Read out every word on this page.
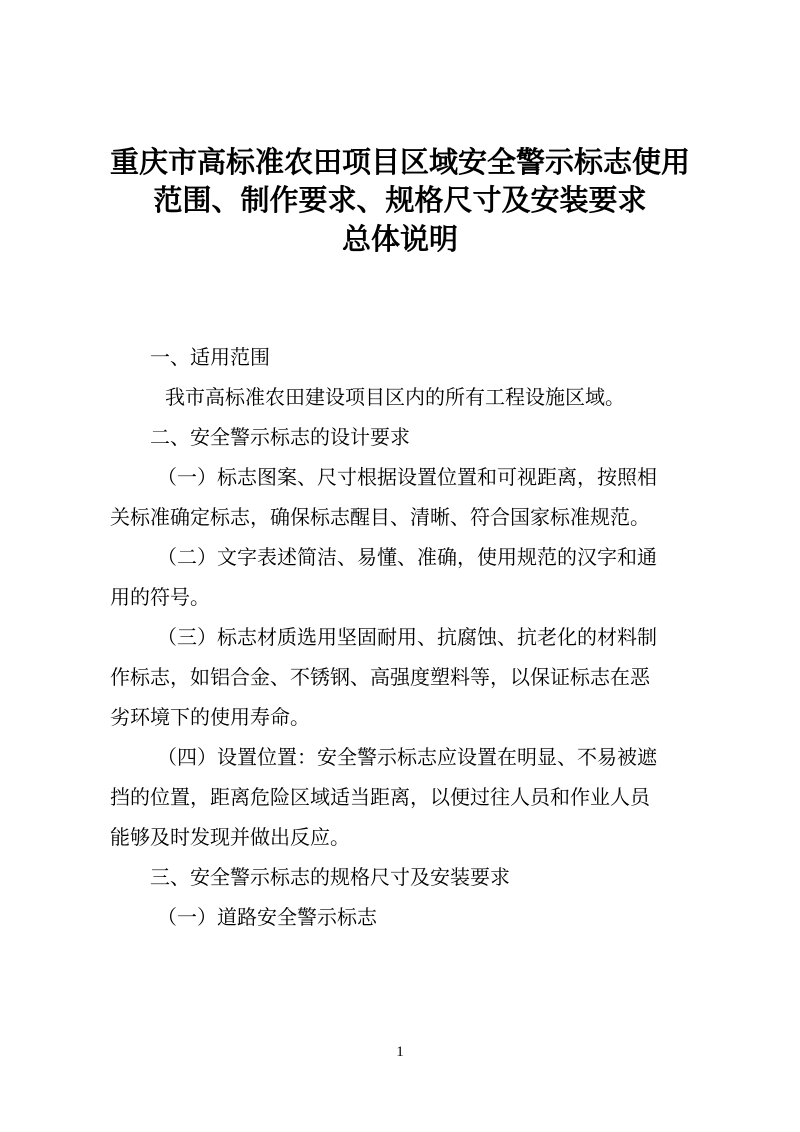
重庆市高标准农田项目区域安全警示标志使用
范围、制作要求、规格尺寸及安装要求
总体说明
一、适用范围
我市高标准农田建设项目区内的所有工程设施区域。
二、安全警示标志的设计要求
（一）标志图案、尺寸根据设置位置和可视距离，按照相
关标准确定标志，确保标志醒目、清晰、符合国家标准规范。
（二）文字表述简洁、易懂、准确，使用规范的汉字和通
用的符号。
（三）标志材质选用坚固耐用、抗腐蚀、抗老化的材料制
作标志，如铝合金、不锈钢、高强度塑料等，以保证标志在恶
劣环境下的使用寿命。
（四）设置位置：安全警示标志应设置在明显、不易被遮
挡的位置，距离危险区域适当距离，以便过往人员和作业人员
能够及时发现并做出反应。
三、安全警示标志的规格尺寸及安装要求
（一）道路安全警示标志
1
